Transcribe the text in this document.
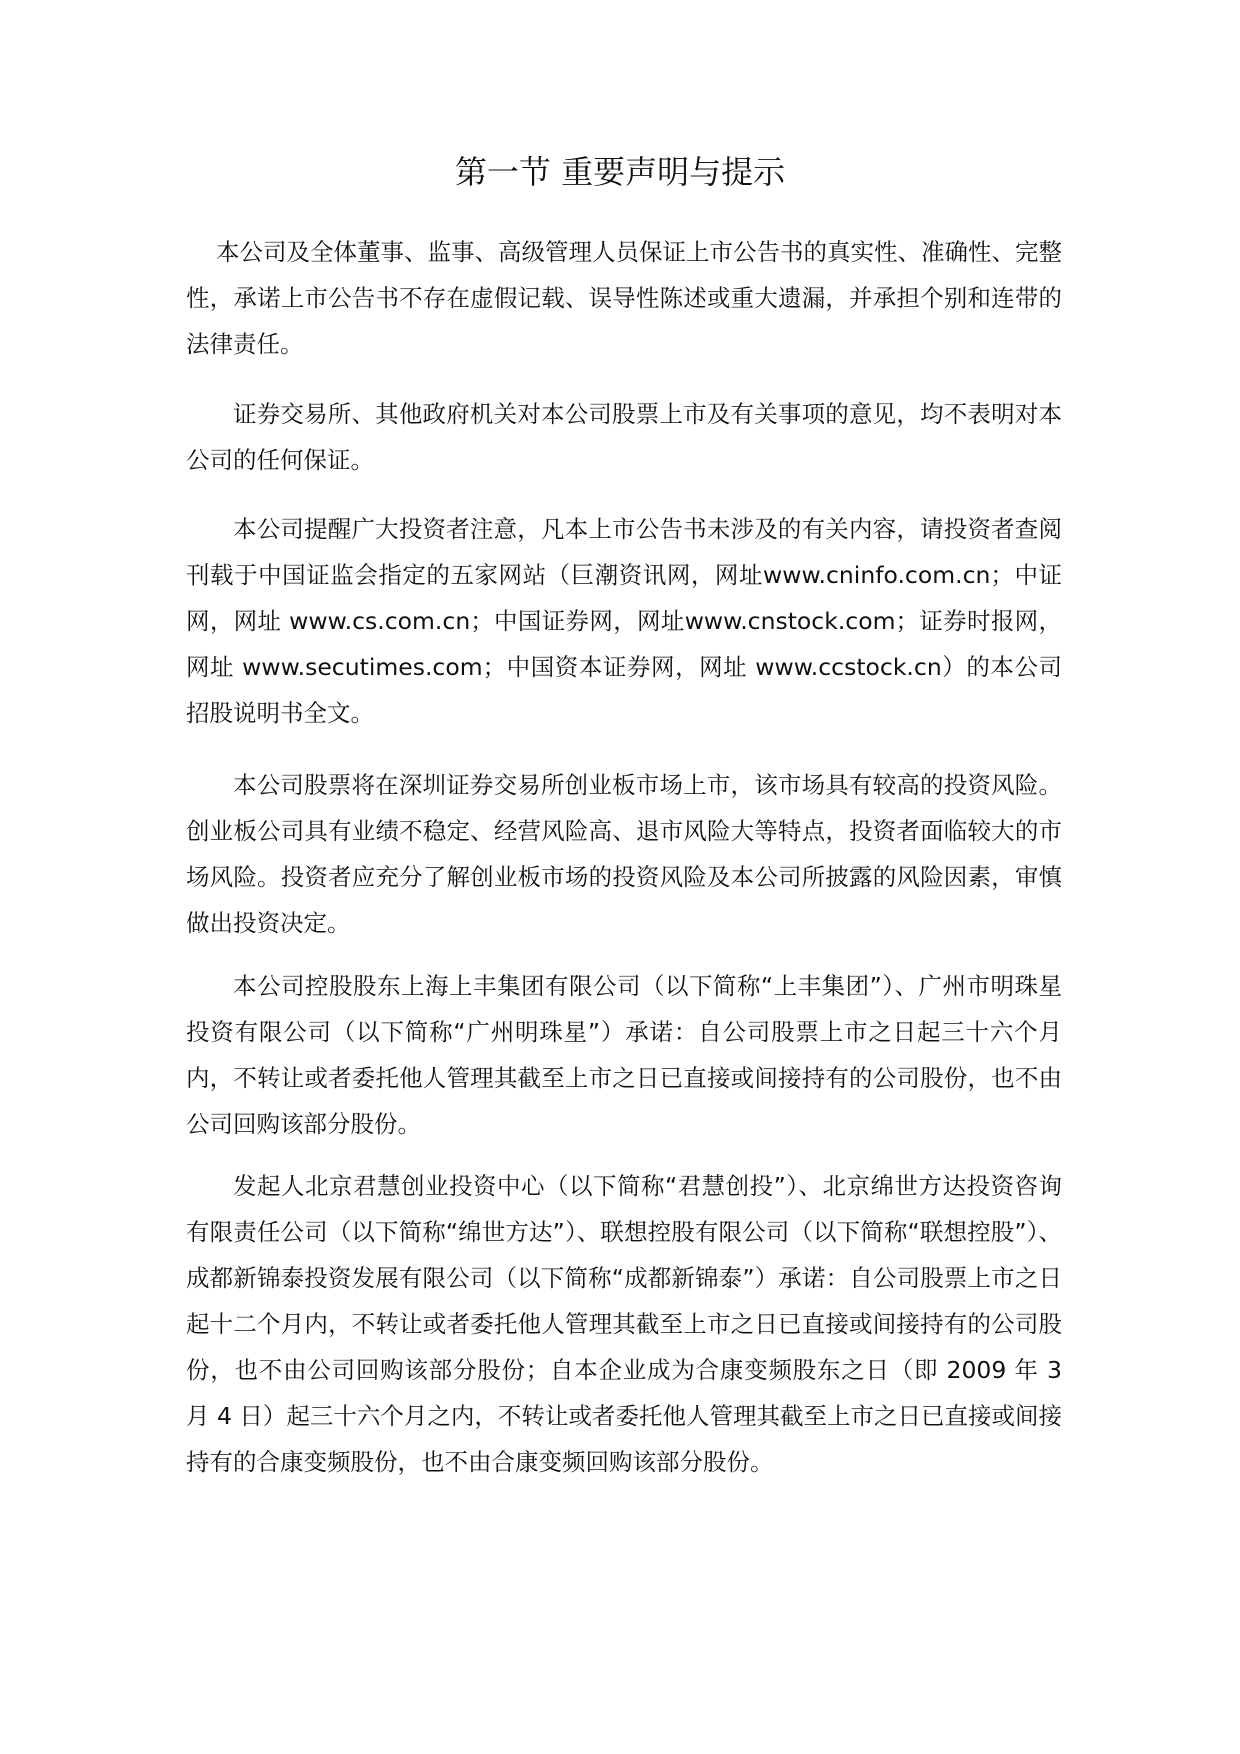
第一节 重要声明与提示

本公司及全体董事、监事、高级管理人员保证上市公告书的真实性、准确性、完整性，承诺上市公告书不存在虚假记载、误导性陈述或重大遗漏，并承担个别和连带的法律责任。

证券交易所、其他政府机关对本公司股票上市及有关事项的意见，均不表明对本公司的任何保证。

本公司提醒广大投资者注意，凡本上市公告书未涉及的有关内容，请投资者查阅刊载于中国证监会指定的五家网站（巨潮资讯网，网址www.cninfo.com.cn；中证网，网址 www.cs.com.cn；中国证券网，网址www.cnstock.com；证券时报网，网址 www.secutimes.com；中国资本证券网，网址 www.ccstock.cn）的本公司招股说明书全文。

本公司股票将在深圳证券交易所创业板市场上市，该市场具有较高的投资风险。创业板公司具有业绩不稳定、经营风险高、退市风险大等特点，投资者面临较大的市场风险。投资者应充分了解创业板市场的投资风险及本公司所披露的风险因素，审慎做出投资决定。

本公司控股股东上海上丰集团有限公司（以下简称“上丰集团”）、广州市明珠星投资有限公司（以下简称“广州明珠星”）承诺：自公司股票上市之日起三十六个月内，不转让或者委托他人管理其截至上市之日已直接或间接持有的公司股份，也不由公司回购该部分股份。

发起人北京君慧创业投资中心（以下简称“君慧创投”）、北京绵世方达投资咨询有限责任公司（以下简称“绵世方达”）、联想控股有限公司（以下简称“联想控股”）、成都新锦泰投资发展有限公司（以下简称“成都新锦泰”）承诺：自公司股票上市之日起十二个月内，不转让或者委托他人管理其截至上市之日已直接或间接持有的公司股份，也不由公司回购该部分股份；自本企业成为合康变频股东之日（即 2009 年 3 月 4 日）起三十六个月之内，不转让或者委托他人管理其截至上市之日已直接或间接持有的合康变频股份，也不由合康变频回购该部分股份。
